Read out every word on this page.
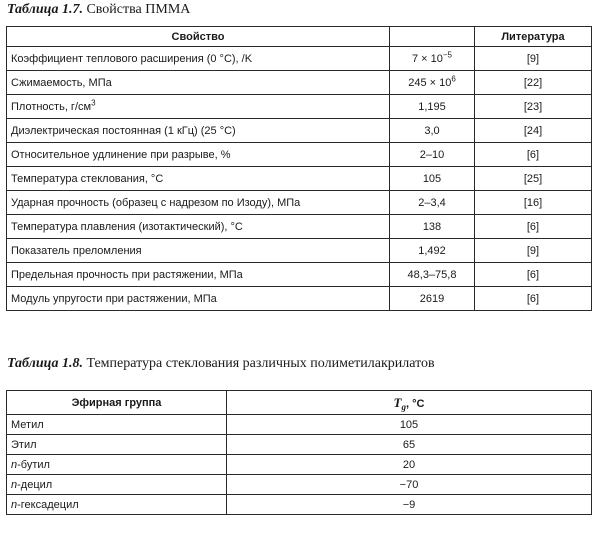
Таблица 1.7. Свойства ПММА
Свойство		Литература
Коэффициент теплового расширения (0 °C), /K	$7 \times 10^{-5}$	[9]
Сжимаемость, МПа	$245 \times 10^6$	[22]
Плотность, $г/см^3$	1,195	[23]
Диэлектрическая постоянная (1 кГц) (25 °C)	3,0	[24]
Относительное удлинение при разрыве, %	2–10	[6]
Температура стеклования, °C	105	[25]
Ударная прочность (образец с надрезом по Изоду), МПа	2–3,4	[16]
Температура плавления (изотактический), °C	138	[6]
Показатель преломления	1,492	[9]
Предельная прочность при растяжении, МПа	48,3–75,8	[6]
Модуль упругости при растяжении, МПа	2619	[6]
Таблица 1.8. Температура стеклования различных полиметилакрилатов
Эфирная группа	$T_g$, °C
Метил	105
Этил	65
n-бутил	20
n-децил	−70
n-гексадецил	−9
